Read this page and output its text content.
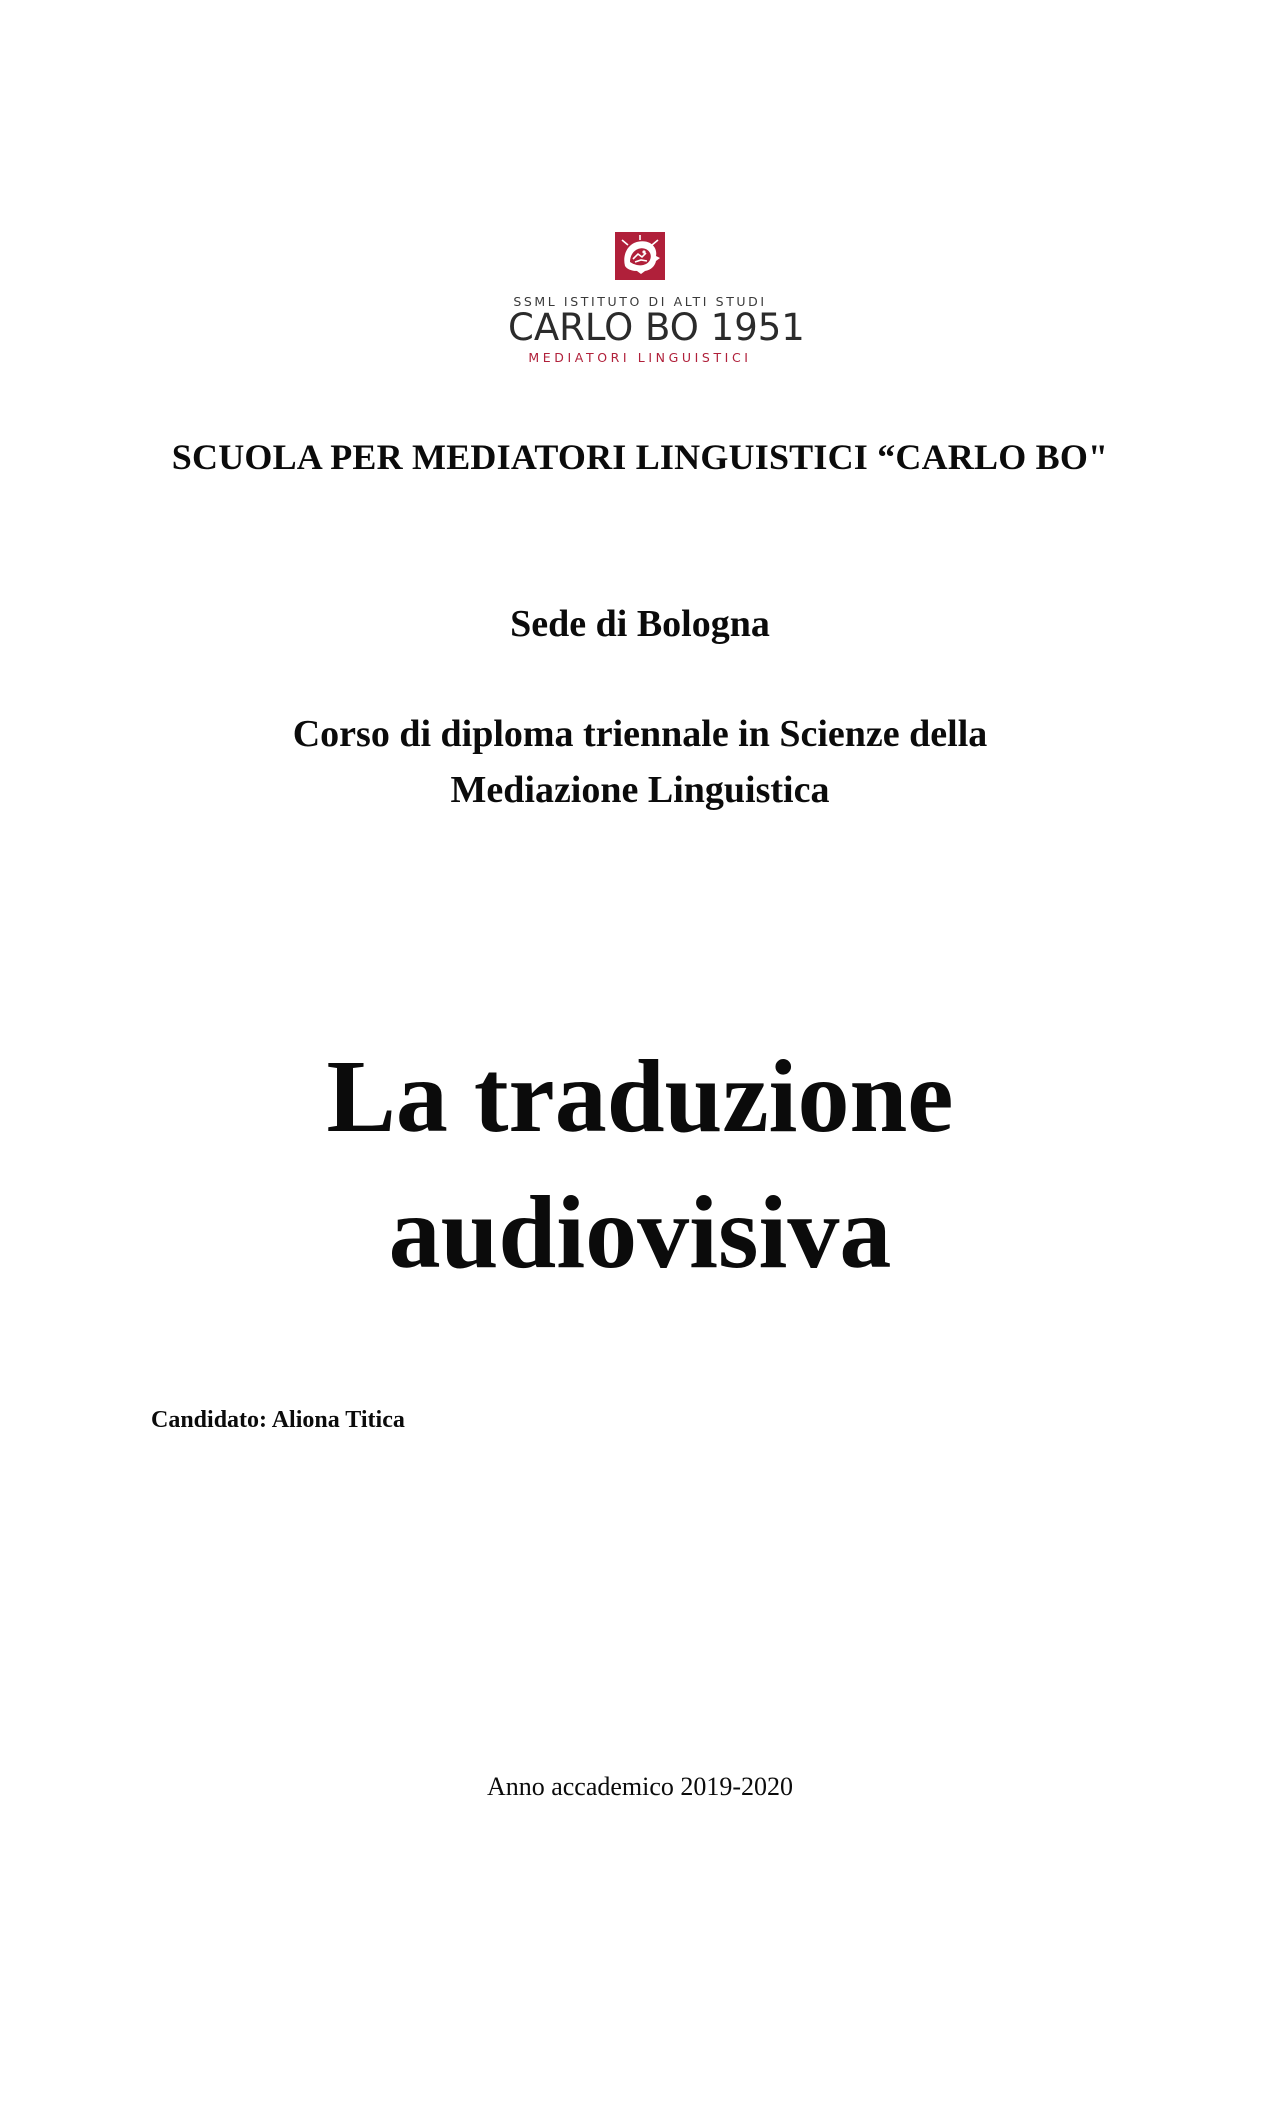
SSML ISTITUTO DI ALTI STUDI
CARLO BO 1951
MEDIATORI LINGUISTICI
SCUOLA PER MEDIATORI LINGUISTICI “CARLO BO"
Sede di Bologna
Corso di diploma triennale in Scienze della
Mediazione Linguistica
La traduzione
audiovisiva
Candidato: Aliona Titica
Anno accademico 2019-2020
